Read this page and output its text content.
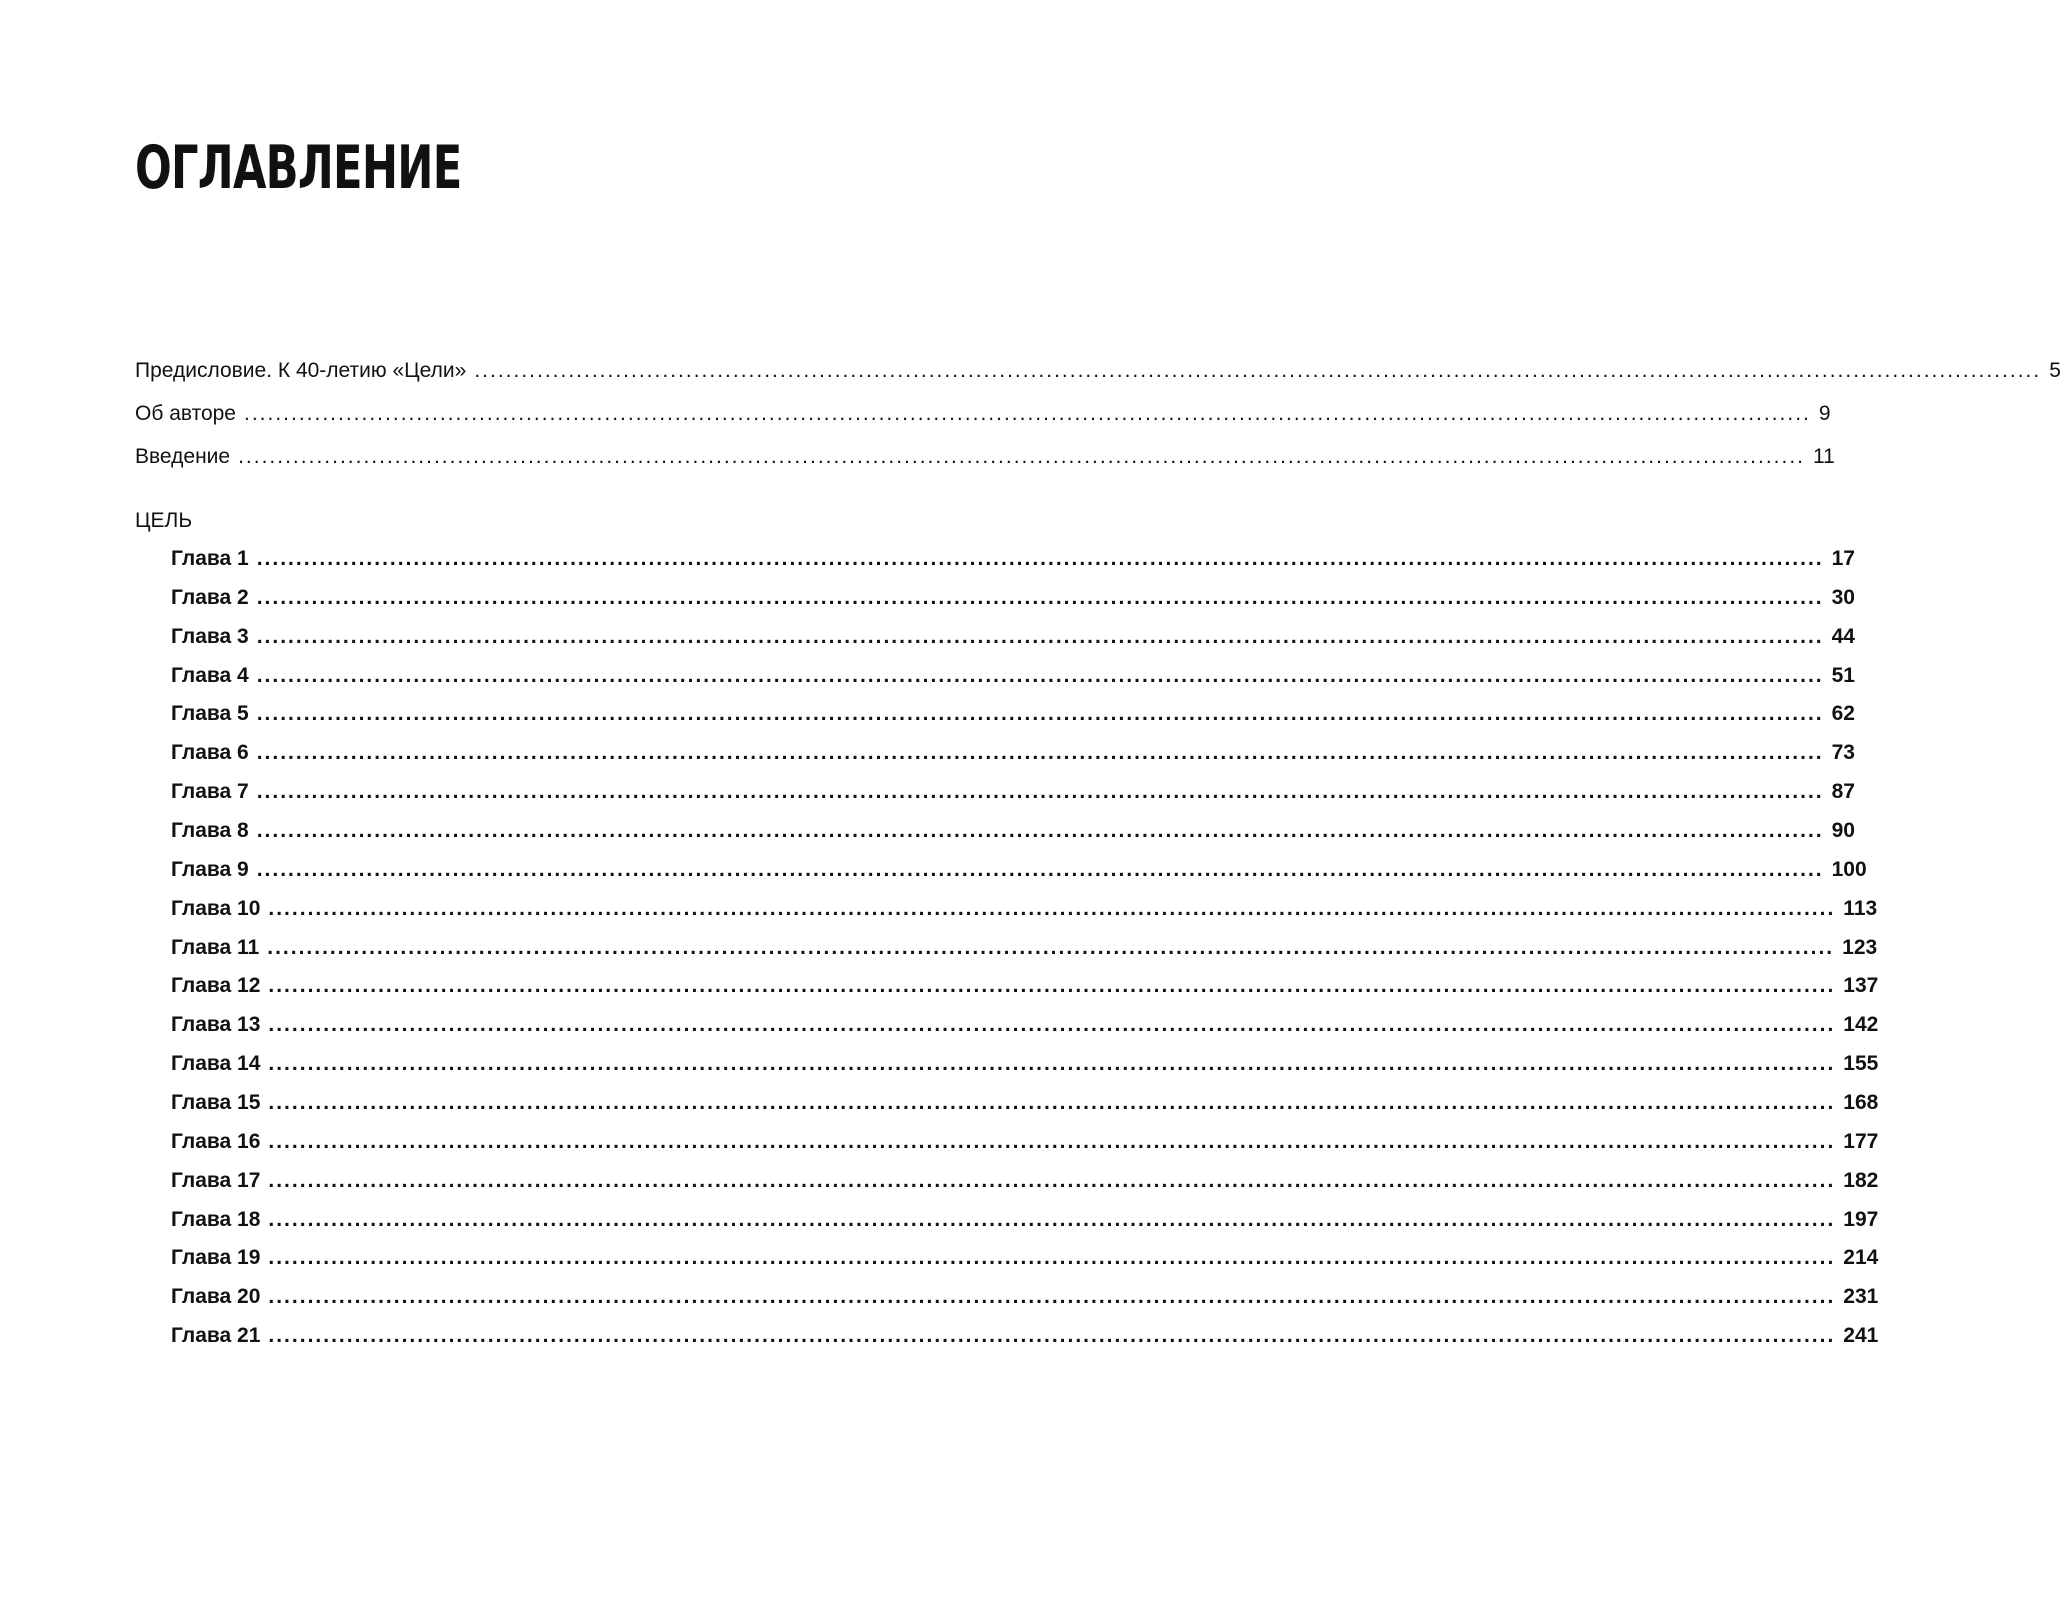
ОГЛАВЛЕНИЕ
Предисловие. К 40-летию «Цели» ........................................................................................................................................................................................................ 5
Об авторе ........................................................................................................................................................................................................ 9
Введение ........................................................................................................................................................................................................ 11
ЦЕЛЬ
Глава 1 ........................................................................................................................................................................................................ 17
Глава 2 ........................................................................................................................................................................................................ 30
Глава 3 ........................................................................................................................................................................................................ 44
Глава 4 ........................................................................................................................................................................................................ 51
Глава 5 ........................................................................................................................................................................................................ 62
Глава 6 ........................................................................................................................................................................................................ 73
Глава 7 ........................................................................................................................................................................................................ 87
Глава 8 ........................................................................................................................................................................................................ 90
Глава 9 ........................................................................................................................................................................................................ 100
Глава 10 ........................................................................................................................................................................................................ 113
Глава 11 ........................................................................................................................................................................................................ 123
Глава 12 ........................................................................................................................................................................................................ 137
Глава 13 ........................................................................................................................................................................................................ 142
Глава 14 ........................................................................................................................................................................................................ 155
Глава 15 ........................................................................................................................................................................................................ 168
Глава 16 ........................................................................................................................................................................................................ 177
Глава 17 ........................................................................................................................................................................................................ 182
Глава 18 ........................................................................................................................................................................................................ 197
Глава 19 ........................................................................................................................................................................................................ 214
Глава 20 ........................................................................................................................................................................................................ 231
Глава 21 ........................................................................................................................................................................................................ 241
